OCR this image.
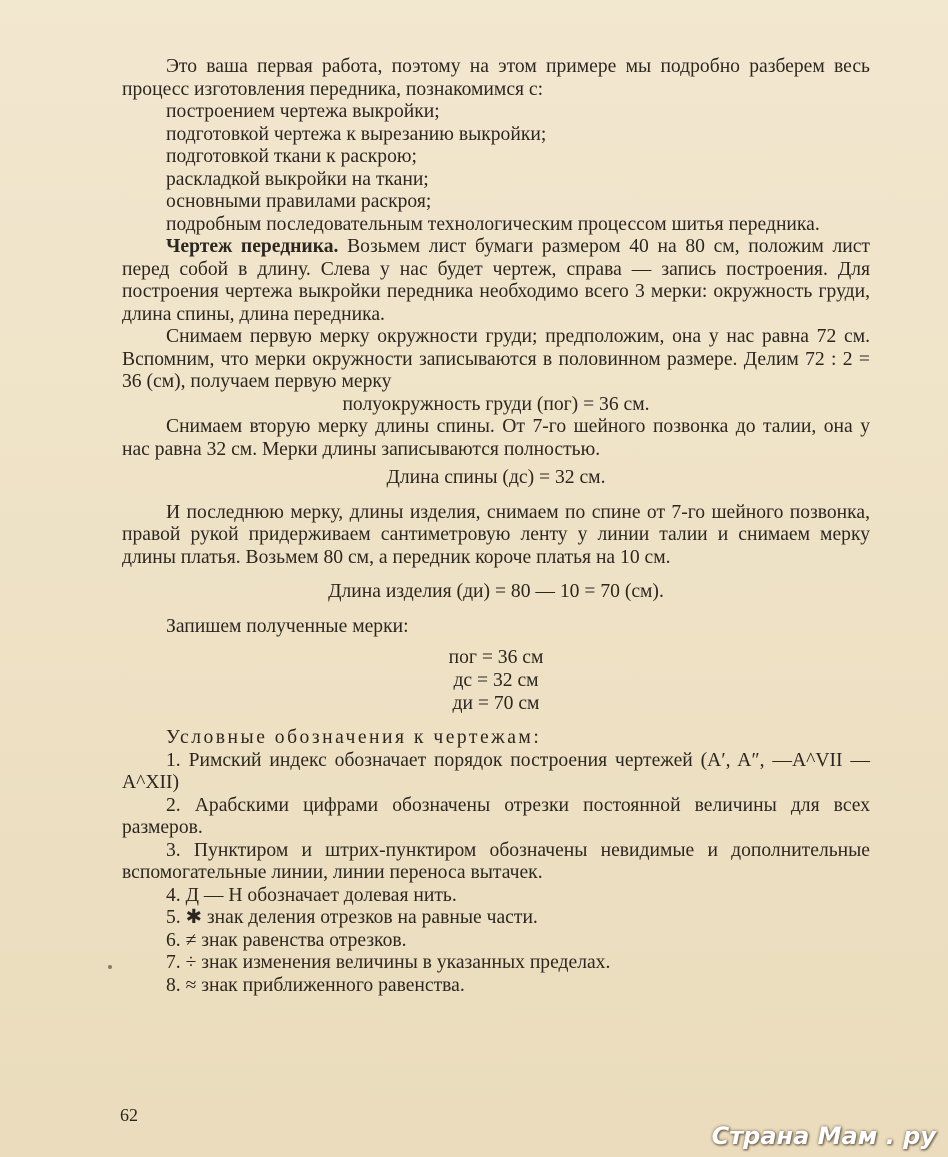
Это ваша первая работа, поэтому на этом примере мы подробно разберем весь процесс изготовления передника, познакомимся с:

построением чертежа выкройки;

подготовкой чертежа к вырезанию выкройки;

подготовкой ткани к раскрою;

раскладкой выкройки на ткани;

основными правилами раскроя;

подробным последовательным технологическим процессом шитья передника.

Чертеж передника. Возьмем лист бумаги размером 40 на 80 см, положим лист перед собой в длину. Слева у нас будет чертеж, справа — запись построения. Для построения чертежа выкройки передника необходимо всего 3 мерки: окружность груди, длина спины, длина передника.

Снимаем первую мерку окружности груди; предположим, она у нас равна 72 см. Вспомним, что мерки окружности записываются в половинном размере. Делим 72 : 2 = 36 (см), получаем первую мерку

полуокружность груди (пог) = 36 см.

Снимаем вторую мерку длины спины. От 7-го шейного позвонка до талии, она у нас равна 32 см. Мерки длины записываются полностью.

Длина спины (дс) = 32 см.

И последнюю мерку, длины изделия, снимаем по спине от 7-го шейного позвонка, правой рукой придерживаем сантиметровую ленту у линии талии и снимаем мерку длины платья. Возьмем 80 см, а передник короче платья на 10 см.

Длина изделия (ди) = 80 — 10 = 70 (см).

Запишем полученные мерки:

пог = 36 см

дс = 32 см

ди = 70 см

Условные обозначения к чертежам:

1. Римский индекс обозначает порядок построения чертежей (A′, A″, —A^VII —A^XII)

2. Арабскими цифрами обозначены отрезки постоянной величины для всех размеров.

3. Пунктиром и штрих-пунктиром обозначены невидимые и дополнительные вспомогательные линии, линии переноса вытачек.

4. Д — Н обозначает долевая нить.

5. ✱ знак деления отрезков на равные части.

6. ≠ знак равенства отрезков.

7. ÷ знак изменения величины в указанных пределах.

8. ≈ знак приближенного равенства.

62
Страна Мам . ру
